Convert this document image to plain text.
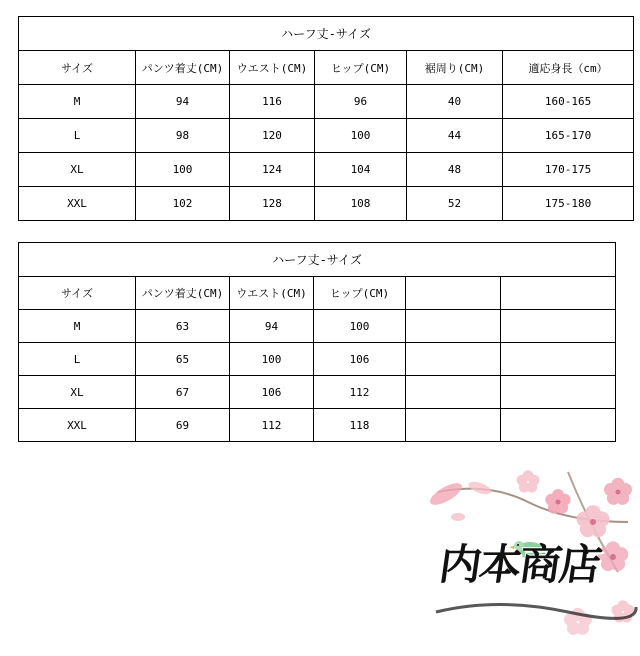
ハーフ丈-サイズ					
サイズ	パンツ着丈(CM)	ウエスト(CM)	ヒップ(CM)	裾周り(CM)	適応身長（cm）
M	94	116	96	40	160-165
L	98	120	100	44	165-170
XL	100	124	104	48	170-175
XXL	102	128	108	52	175-180
ハーフ丈-サイズ					
サイズ	パンツ着丈(CM)	ウエスト(CM)	ヒップ(CM)		
M	63	94	100		
L	65	100	106		
XL	67	106	112		
XXL	69	112	118		
内本商店
